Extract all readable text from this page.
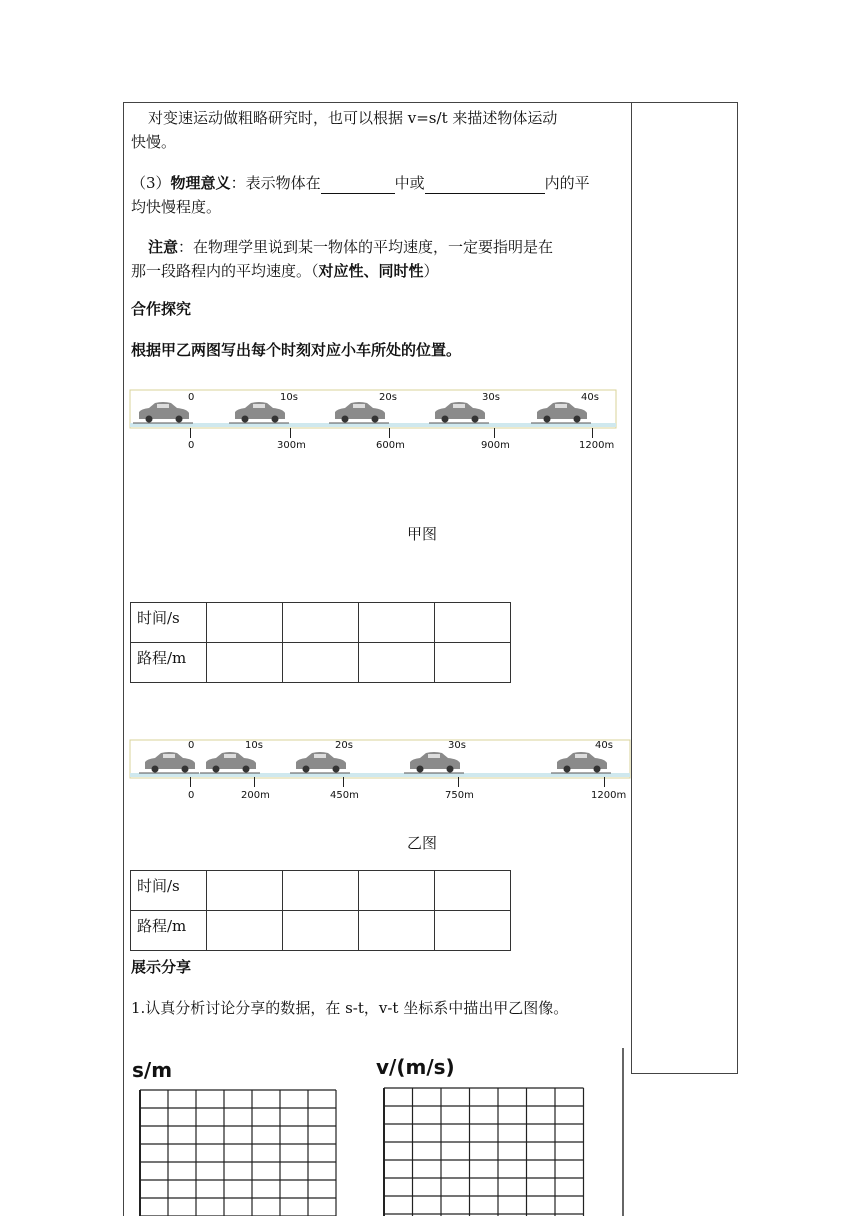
对变速运动做粗略研究时，也可以根据 v=s/t 来描述物体运动
快慢。
（3）物理意义：表示物体在	中或	内的平
均快慢程度。
注意：在物理学里说到某一物体的平均速度，一定要指明是在
那一段路程内的平均速度。（对应性、同时性）
合作探究
根据甲乙两图写出每个时刻对应小车所处的位置。
0	10s	20s	30s	40s
0	300m	600m	900m	1200m
甲图
时间/s				
路程/m				
0	10s	20s	30s	40s
0	200m	450m	750m	1200m
乙图
时间/s				
路程/m				
展示分享
1.认真分析讨论分享的数据，在 s-t，v-t 坐标系中描出甲乙图像。
s/m	v/(m/s)
